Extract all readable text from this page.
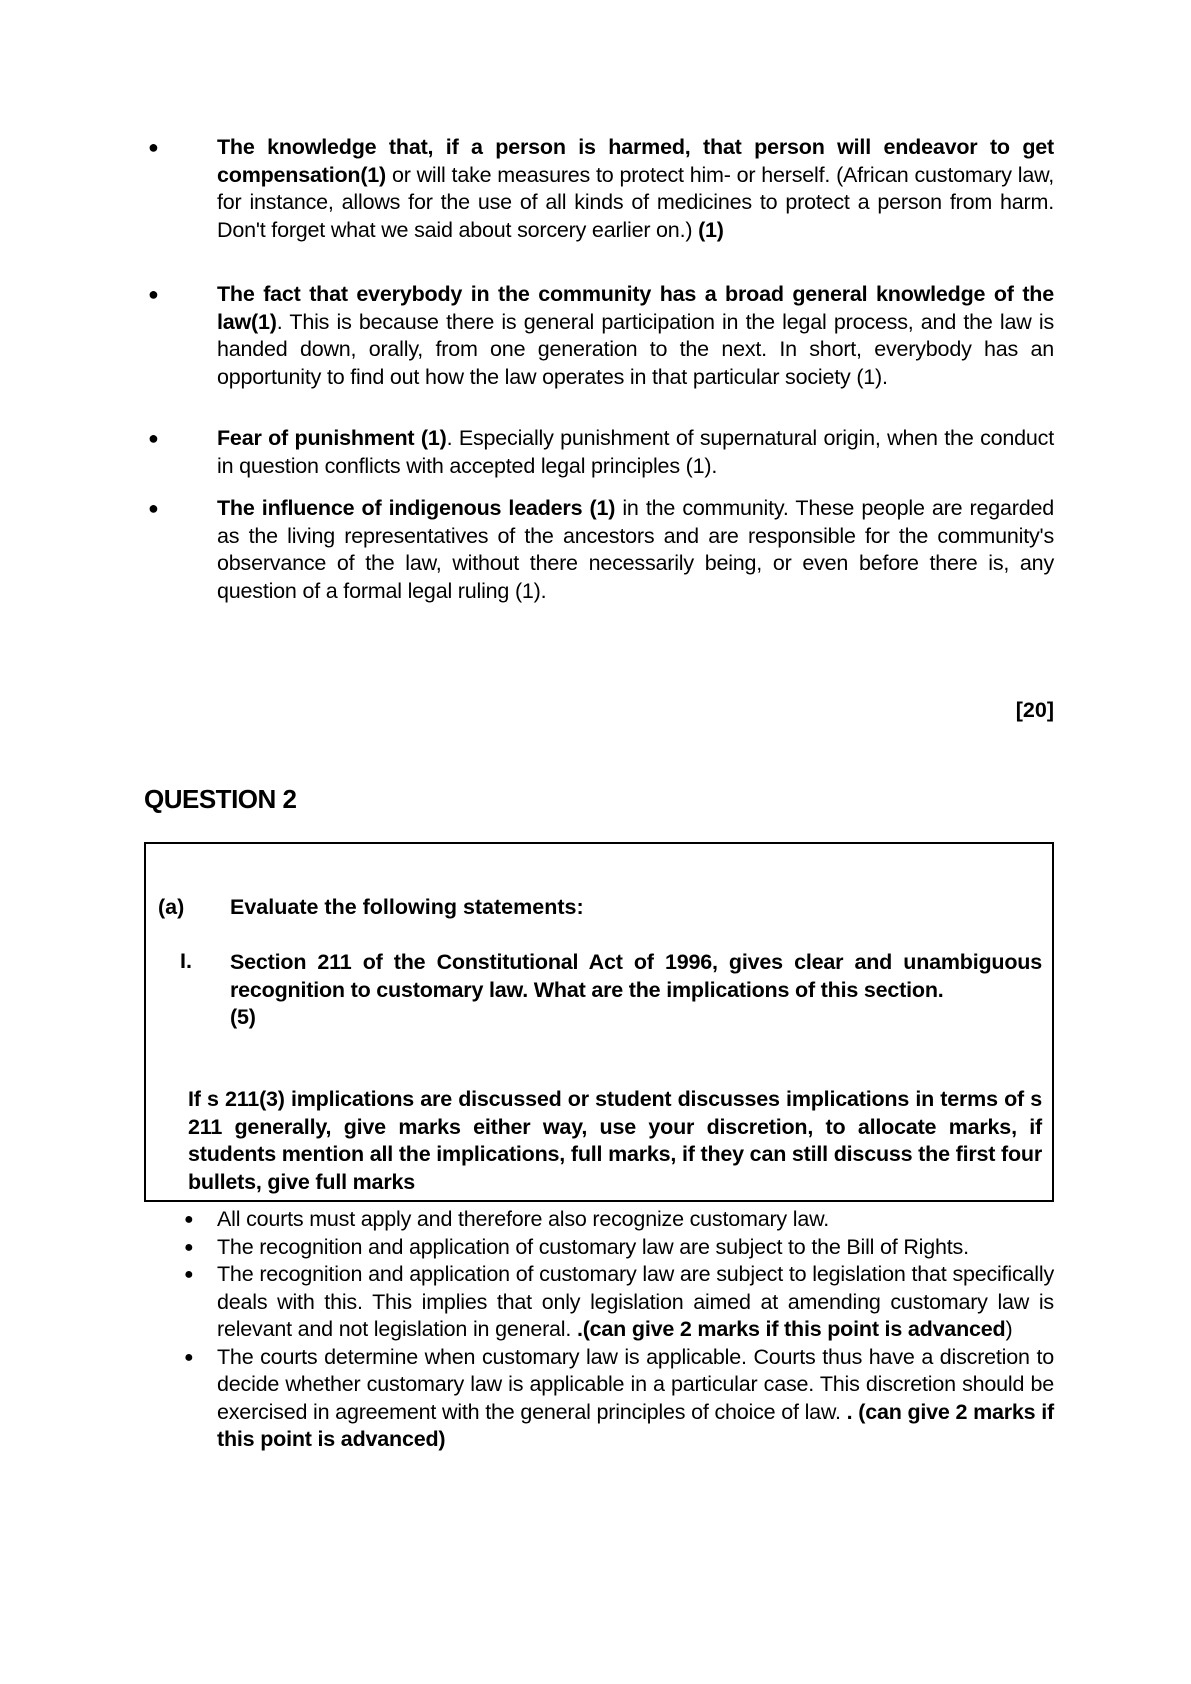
●	The knowledge that, if a person is harmed, that person will endeavor to get compensation(1) or will take measures to protect him- or herself. (African customary law, for instance, allows for the use of all kinds of medicines to protect a person from harm. Don't forget what we said about sorcery earlier on.) (1)
●	The fact that everybody in the community has a broad general knowledge of the law(1). This is because there is general participation in the legal process, and the law is handed down, orally, from one generation to the next. In short, everybody has an opportunity to find out how the law operates in that particular society (1).
●	Fear of punishment (1). Especially punishment of supernatural origin, when the conduct in question conflicts with accepted legal principles (1).
●	The influence of indigenous leaders (1) in the community. These people are regarded as the living representatives of the ancestors and are responsible for the community's observance of the law, without there necessarily being, or even before there is, any question of a formal legal ruling (1).
[20]
QUESTION 2
(a) Evaluate the following statements:
I. Section 211 of the Constitutional Act of 1996, gives clear and unambiguous recognition to customary law. What are the implications of this section.
(5)
If s 211(3) implications are discussed or student discusses implications in terms of s 211 generally, give marks either way, use your discretion, to allocate marks, if students mention all the implications, full marks, if they can still discuss the first four bullets, give full marks
● All courts must apply and therefore also recognize customary law.
● The recognition and application of customary law are subject to the Bill of Rights.
● The recognition and application of customary law are subject to legislation that specifically deals with this. This implies that only legislation aimed at amending customary law is relevant and not legislation in general. .(can give 2 marks if this point is advanced)
● The courts determine when customary law is applicable. Courts thus have a discretion to decide whether customary law is applicable in a particular case. This discretion should be exercised in agreement with the general principles of choice of law. . (can give 2 marks if this point is advanced)
